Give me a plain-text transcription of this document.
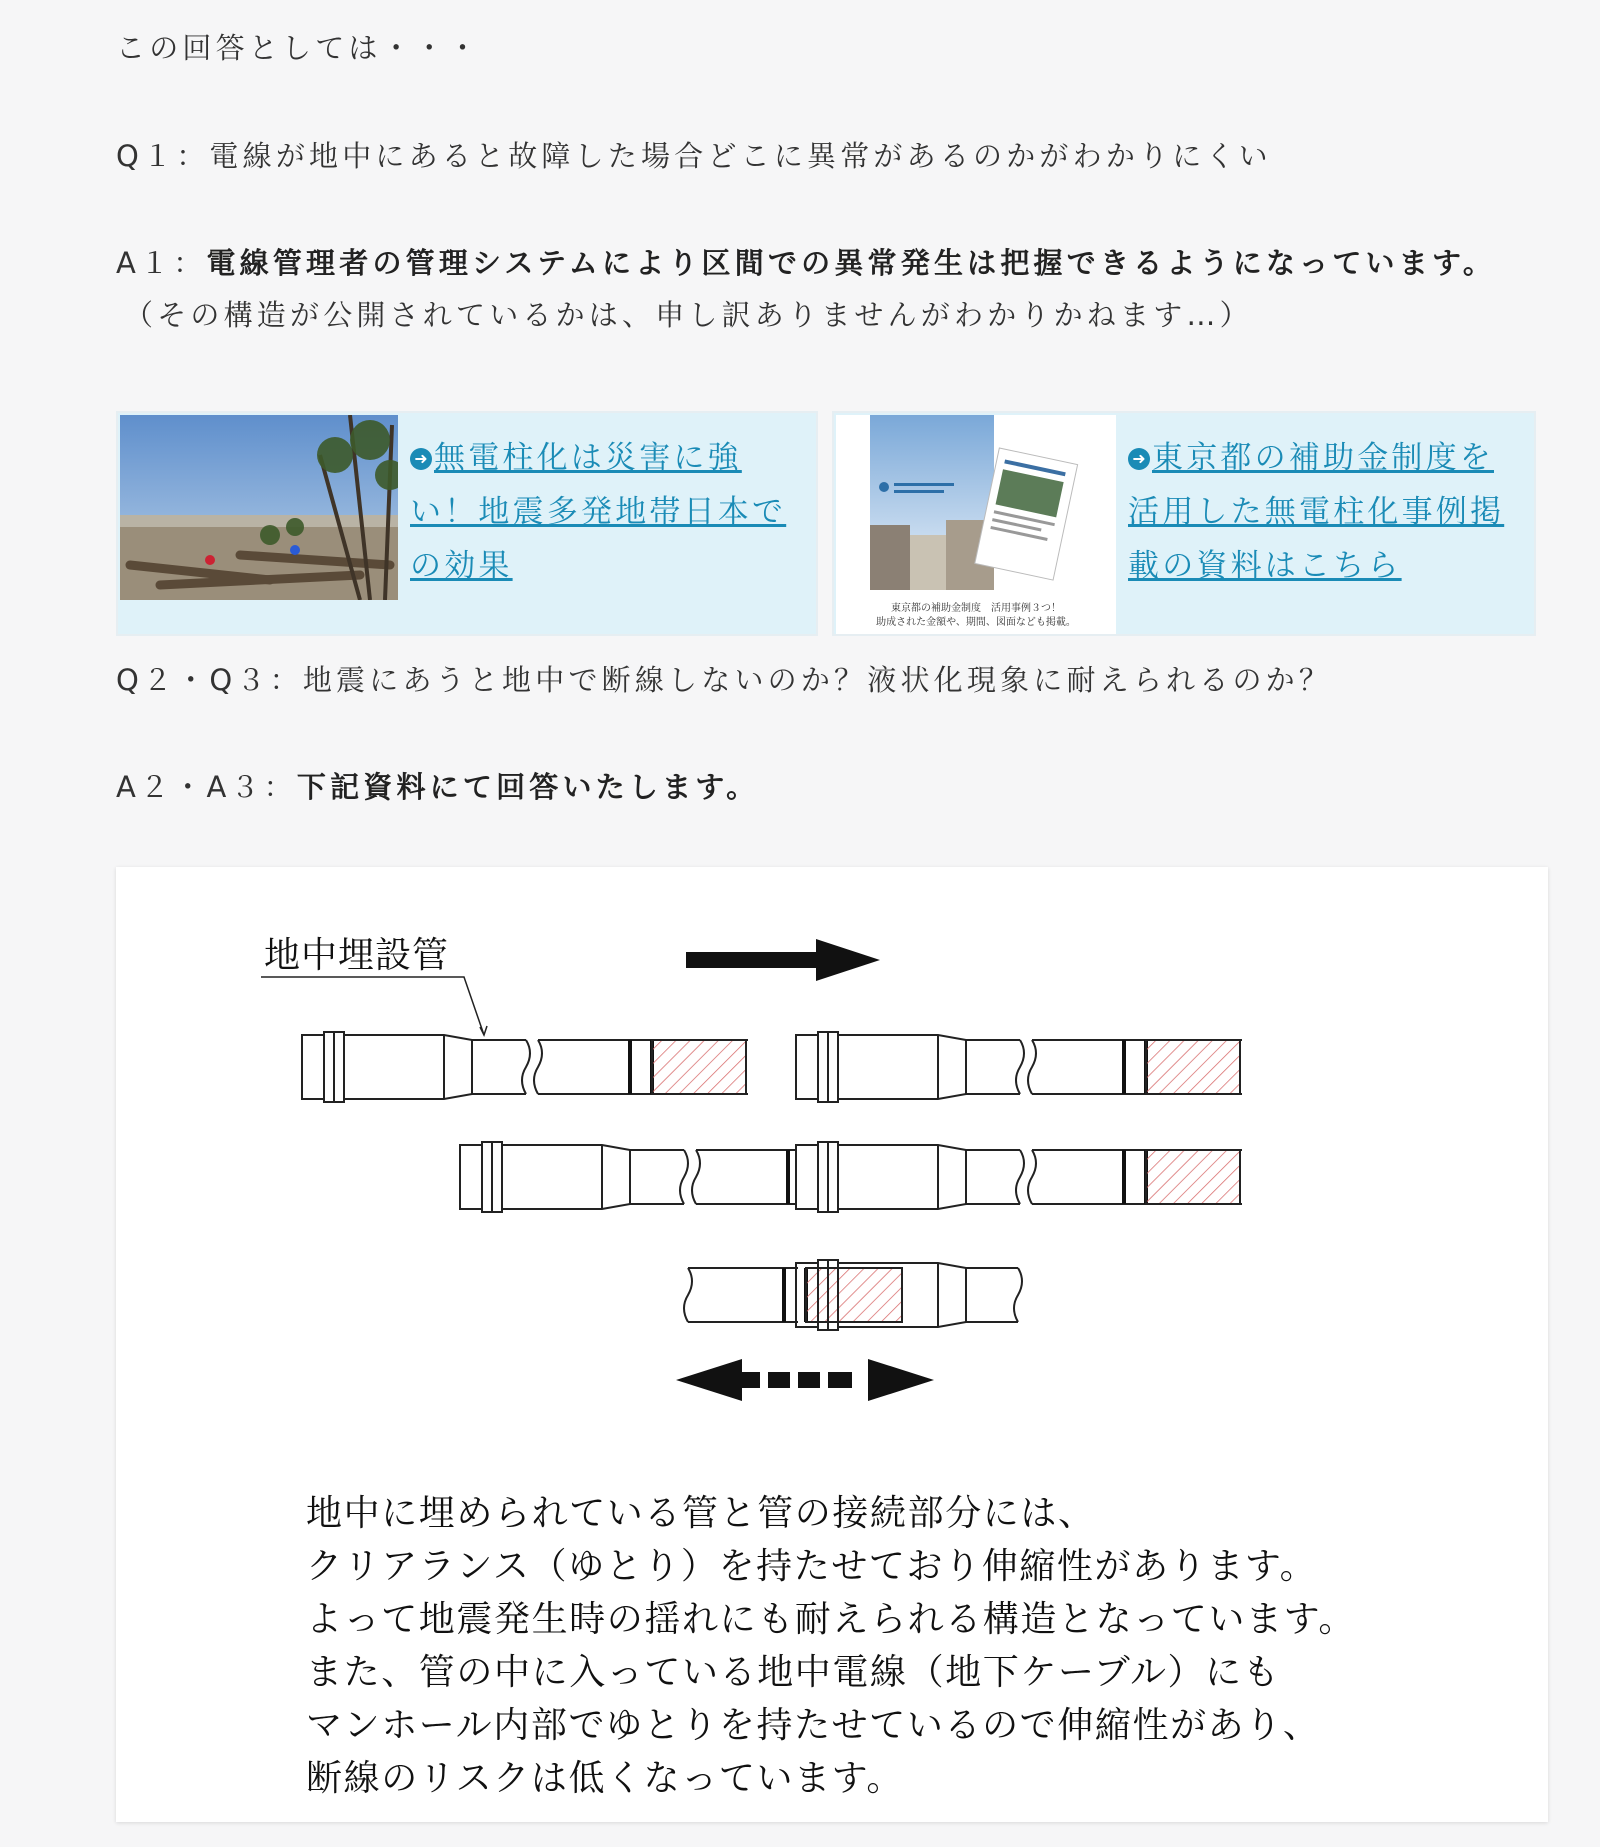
この回答としては・・・
Q１：電線が地中にあると故障した場合どこに異常があるのかがわかりにくい
A１：電線管理者の管理システムにより区間での異常発生は把握できるようになっています。
（その構造が公開されているかは、申し訳ありませんがわかりかねます…）
➜ 無電柱化は災害に強い！地震多発地帯日本での効果
東京都の補助金制度　活用事例３つ！
助成された金額や、期間、図面なども掲載。
➜ 東京都の補助金制度を活用した無電柱化事例掲載の資料はこちら
Q２・Q３：地震にあうと地中で断線しないのか？液状化現象に耐えられるのか？
A２・A３：下記資料にて回答いたします。
地中埋設管
地中に埋められている管と管の接続部分には、
クリアランス（ゆとり）を持たせており伸縮性があります。
よって地震発生時の揺れにも耐えられる構造となっています。
また、管の中に入っている地中電線（地下ケーブル）にも
マンホール内部でゆとりを持たせているので伸縮性があり、
断線のリスクは低くなっています。
